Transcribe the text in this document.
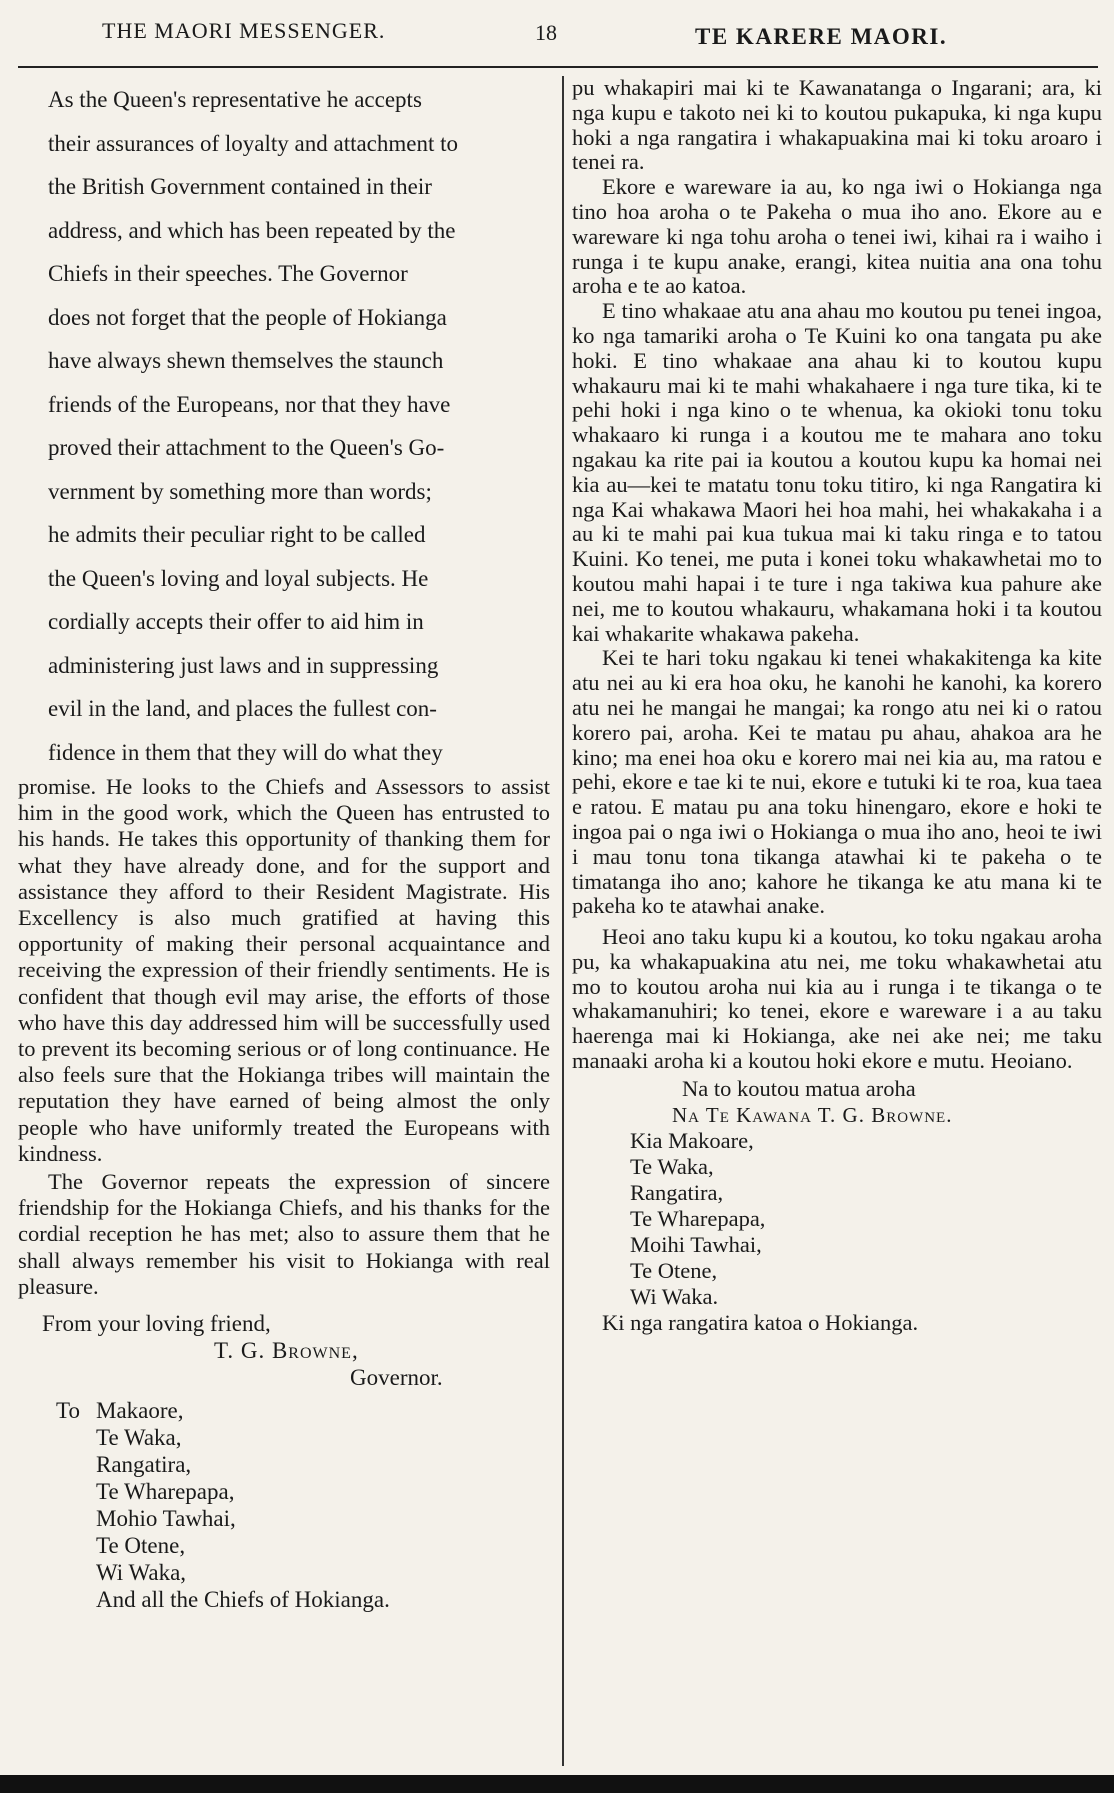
THE MAORI MESSENGER.	18	TE KARERE MAORI.
As the Queen's representative he accepts
their assurances of loyalty and attachment to
the British Government contained in their
address, and which has been repeated by the
Chiefs in their speeches. The Governor
does not forget that the people of Hokianga
have always shewn themselves the staunch
friends of the Europeans, nor that they have
proved their attachment to the Queen's Go-
vernment by something more than words;
he admits their peculiar right to be called
the Queen's loving and loyal subjects. He
cordially accepts their offer to aid him in
administering just laws and in suppressing
evil in the land, and places the fullest con-
fidence in them that they will do what they

promise. He looks to the Chiefs and Assessors to assist him in the good work, which the Queen has entrusted to his hands. He takes this opportunity of thanking them for what they have already done, and for the support and assistance they afford to their Resident Magistrate. His Excellency is also much gratified at having this opportunity of making their personal acquaintance and receiving the expression of their friendly sentiments. He is confident that though evil may arise, the efforts of those who have this day addressed him will be successfully used to prevent its becoming serious or of long continuance. He also feels sure that the Hokianga tribes will maintain the reputation they have earned of being almost the only people who have uniformly treated the Europeans with kindness.

The Governor repeats the expression of sincere friendship for the Hokianga Chiefs, and his thanks for the cordial reception he has met; also to assure them that he shall always remember his visit to Hokianga with real pleasure.

From your loving friend,

T. G. Browne,

Governor.

To Makaore,
Te Waka,
Rangatira,
Te Wharepapa,
Mohio Tawhai,
Te Otene,
Wi Waka,
And all the Chiefs of Hokianga.

pu whakapiri mai ki te Kawanatanga o Ingarani; ara, ki nga kupu e takoto nei ki to koutou pukapuka, ki nga kupu hoki a nga rangatira i whakapuakina mai ki toku aroaro i tenei ra.

Ekore e wareware ia au, ko nga iwi o Hokianga nga tino hoa aroha o te Pakeha o mua iho ano. Ekore au e wareware ki nga tohu aroha o tenei iwi, kihai ra i waiho i runga i te kupu anake, erangi, kitea nuitia ana ona tohu aroha e te ao katoa.

E tino whakaae atu ana ahau mo koutou pu tenei ingoa, ko nga tamariki aroha o Te Kuini ko ona tangata pu ake hoki. E tino whakaae ana ahau ki to koutou kupu whakauru mai ki te mahi whakahaere i nga ture tika, ki te pehi hoki i nga kino o te whenua, ka okioki tonu toku whakaaro ki runga i a koutou me te mahara ano toku ngakau ka rite pai ia koutou a koutou kupu ka homai nei kia au—kei te matatu tonu toku titiro, ki nga Rangatira ki nga Kai whakawa Maori hei hoa mahi, hei whakakaha i a au ki te mahi pai kua tukua mai ki taku ringa e to tatou Kuini. Ko tenei, me puta i konei toku whakawhetai mo to koutou mahi hapai i te ture i nga takiwa kua pahure ake nei, me to koutou whakauru, whakamana hoki i ta koutou kai whakarite whakawa pakeha.

Kei te hari toku ngakau ki tenei whakakitenga ka kite atu nei au ki era hoa oku, he kanohi he kanohi, ka korero atu nei he mangai he mangai; ka rongo atu nei ki o ratou korero pai, aroha. Kei te matau pu ahau, ahakoa ara he kino; ma enei hoa oku e korero mai nei kia au, ma ratou e pehi, ekore e tae ki te nui, ekore e tutuki ki te roa, kua taea e ratou. E matau pu ana toku hinengaro, ekore e hoki te ingoa pai o nga iwi o Hokianga o mua iho ano, heoi te iwi i mau tonu tona tikanga atawhai ki te pakeha o te timatanga iho ano; kahore he tikanga ke atu mana ki te pakeha ko te atawhai anake.

Heoi ano taku kupu ki a koutou, ko toku ngakau aroha pu, ka whakapuakina atu nei, me toku whakawhetai atu mo to koutou aroha nui kia au i runga i te tikanga o te whakamanuhiri; ko tenei, ekore e wareware i a au taku haerenga mai ki Hokianga, ake nei ake nei; me taku manaaki aroha ki a koutou hoki ekore e mutu. Heoiano.

Na to koutou matua aroha

Na Te Kawana T. G. Browne.

Kia Makoare,
Te Waka,
Rangatira,
Te Wharepapa,
Moihi Tawhai,
Te Otene,
Wi Waka.

Ki nga rangatira katoa o Hokianga.
